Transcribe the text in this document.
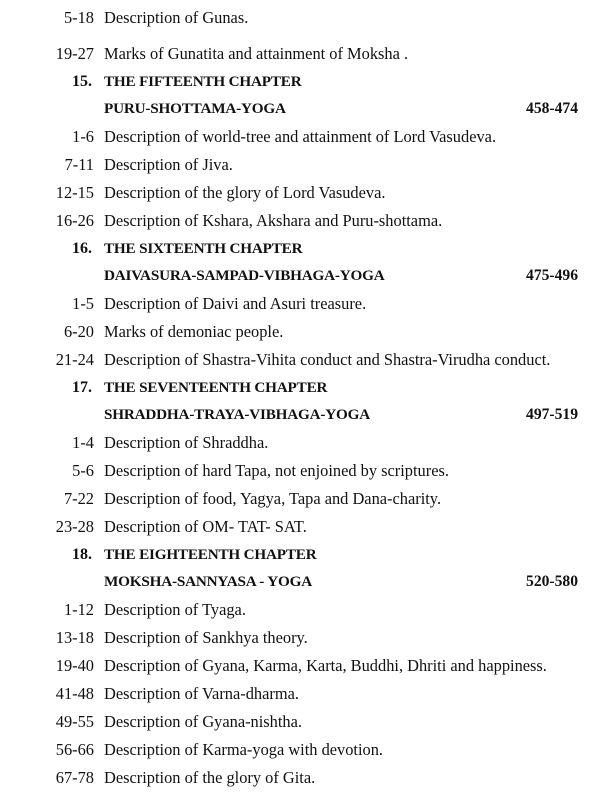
5-18 Description of Gunas.
19-27 Marks of Gunatita and attainment of Moksha .
15. THE FIFTEENTH CHAPTER
PURU-SHOTTAMA-YOGA	458-474
1-6 Description of world-tree and attainment of Lord Vasudeva.
7-11 Description of Jiva.
12-15 Description of the glory of Lord Vasudeva.
16-26 Description of Kshara, Akshara and Puru-shottama.
16. THE SIXTEENTH CHAPTER
DAIVASURA-SAMPAD-VIBHAGA-YOGA	475-496
1-5 Description of Daivi and Asuri treasure.
6-20 Marks of demoniac people.
21-24 Description of Shastra-Vihita conduct and Shastra-Virudha conduct.
17. THE SEVENTEENTH CHAPTER
SHRADDHA-TRAYA-VIBHAGA-YOGA	497-519
1-4 Description of Shraddha.
5-6 Description of hard Tapa, not enjoined by scriptures.
7-22 Description of food, Yagya, Tapa and Dana-charity.
23-28 Description of OM- TAT- SAT.
18. THE EIGHTEENTH CHAPTER
MOKSHA-SANNYASA - YOGA	520-580
1-12 Description of Tyaga.
13-18 Description of Sankhya theory.
19-40 Description of Gyana, Karma, Karta, Buddhi, Dhriti and happiness.
41-48 Description of Varna-dharma.
49-55 Description of Gyana-nishtha.
56-66 Description of Karma-yoga with devotion.
67-78 Description of the glory of Gita.
